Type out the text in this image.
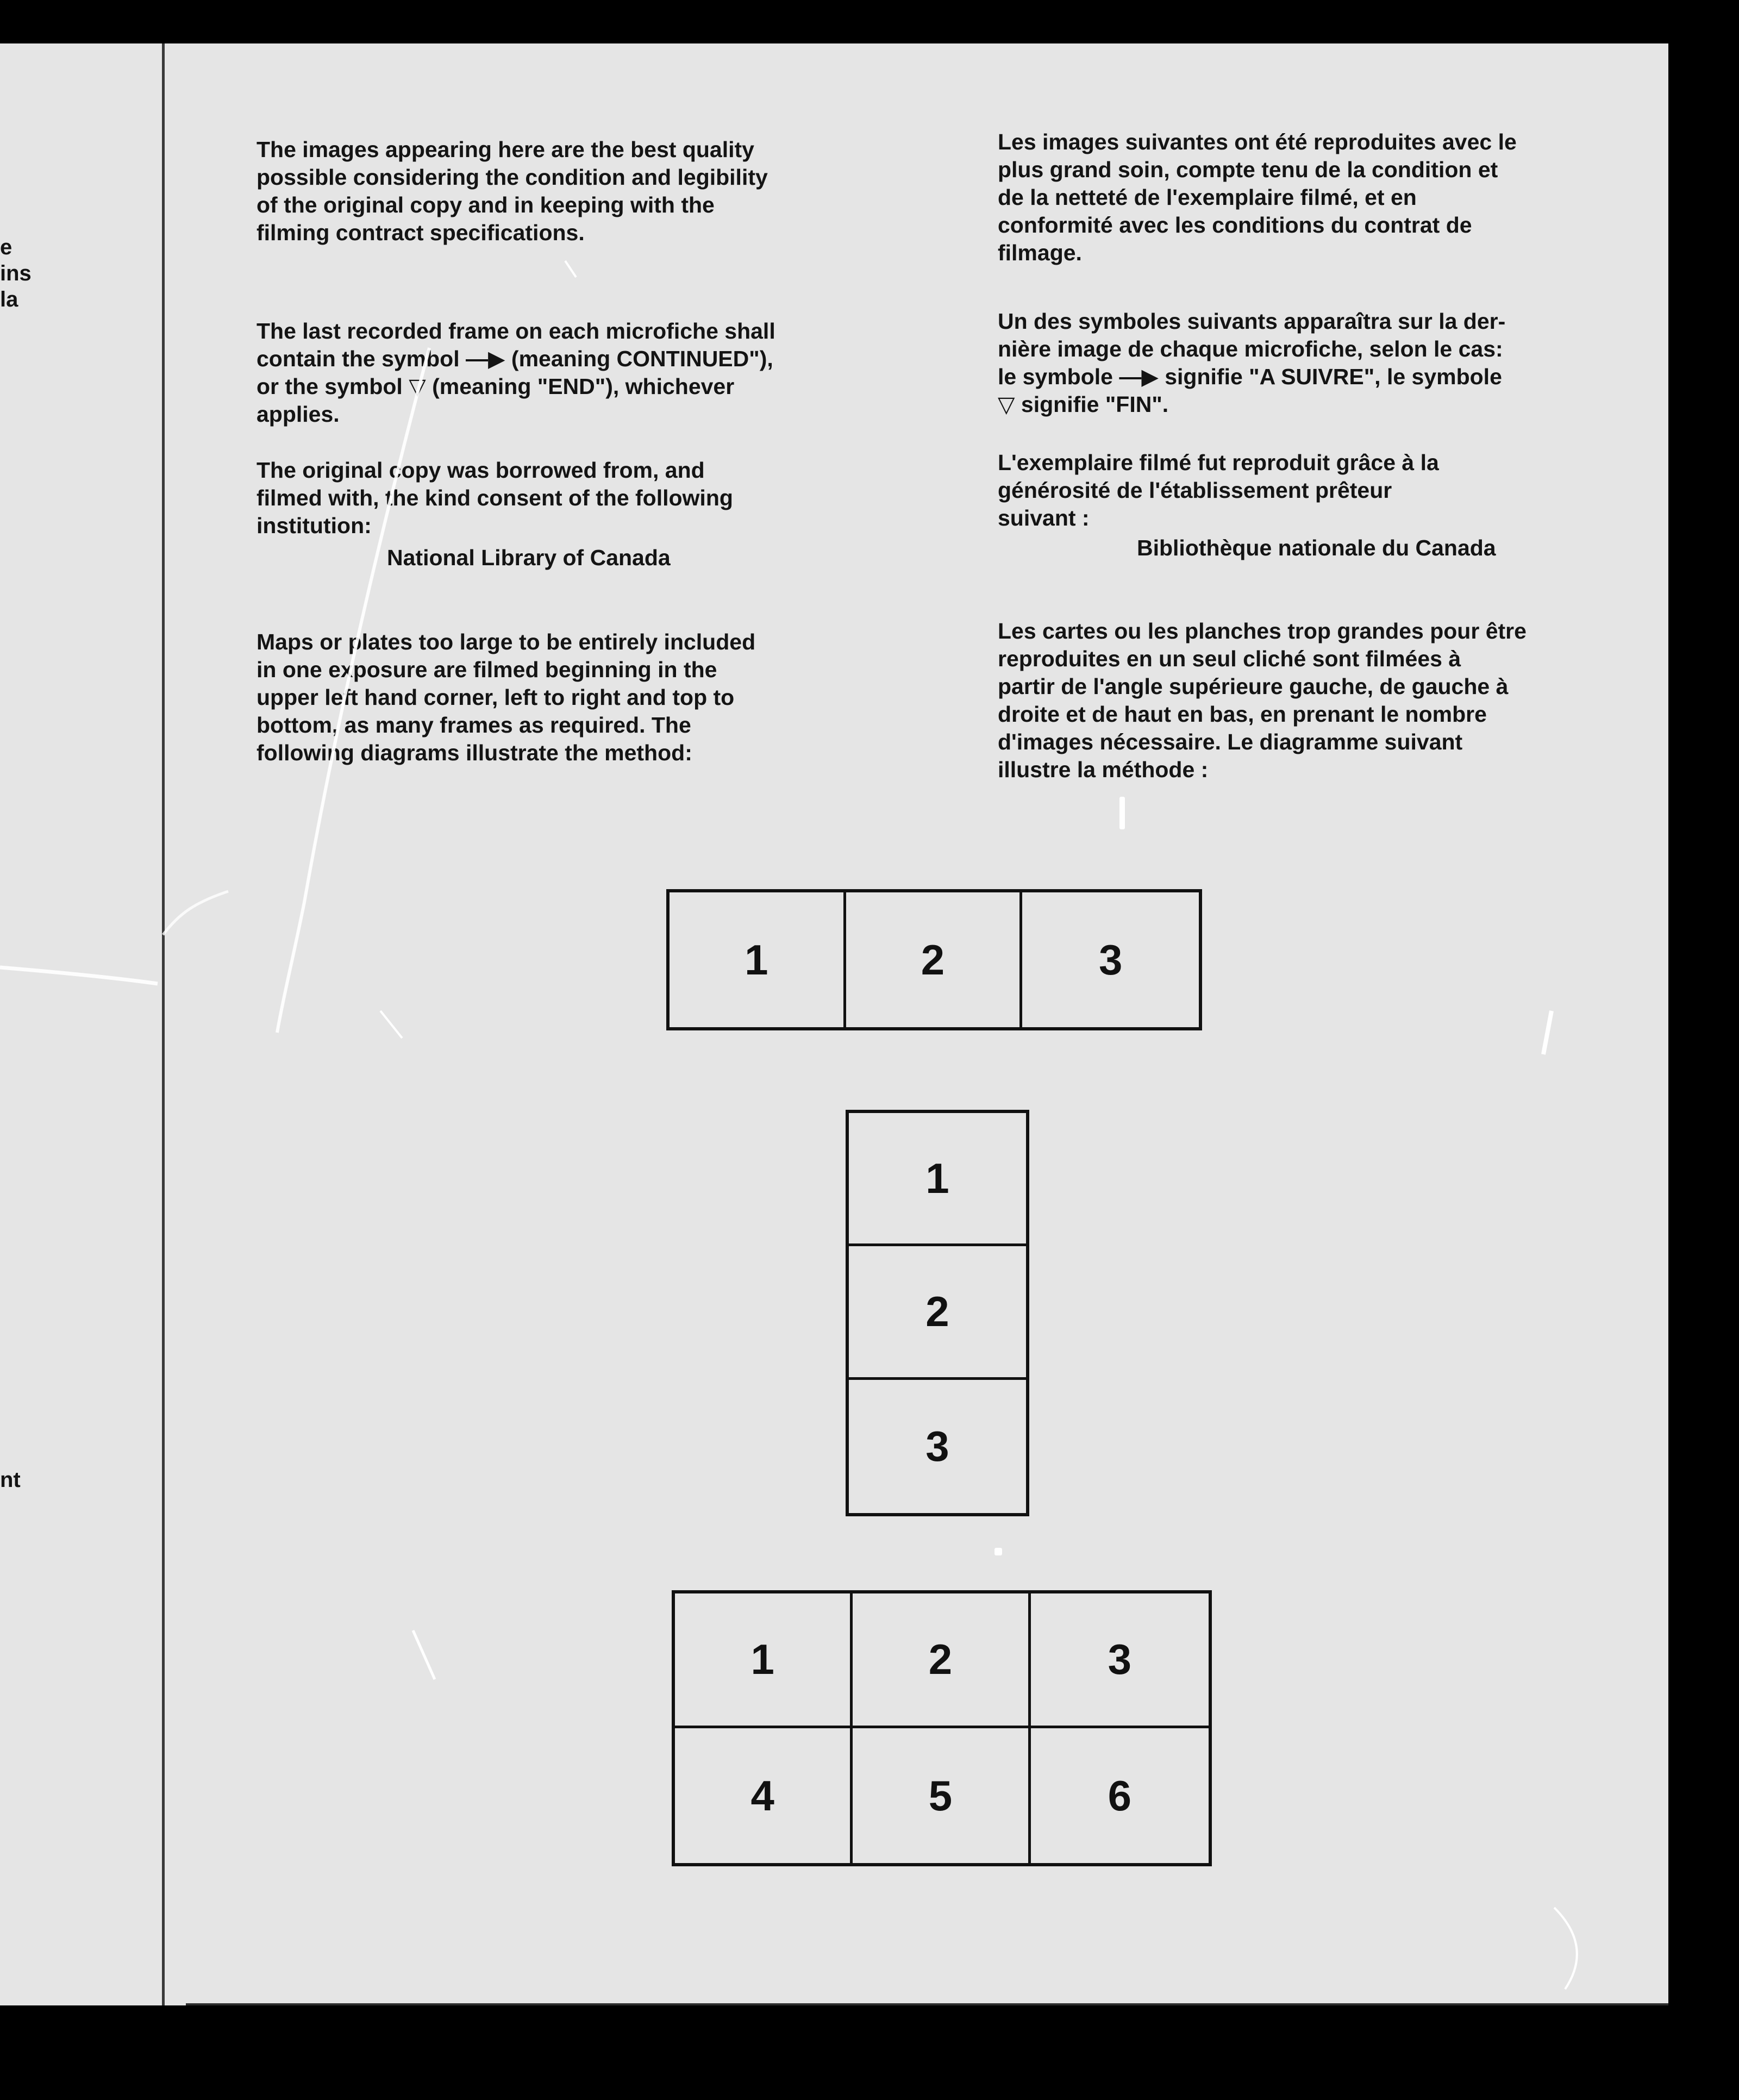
e
ins
la
nt

The images appearing here are the best quality
possible considering the condition and legibility
of the original copy and in keeping with the
filming contract specifications.

The last recorded frame on each microfiche shall
contain the symbol —▶ (meaning CONTINUED"),
or the symbol ▽ (meaning "END"), whichever
applies.

The original copy was borrowed from, and
filmed with, the kind consent of the following
institution:

National Library of Canada

Maps or plates too large to be entirely included
in one exposure are filmed beginning in the
upper left hand corner, left to right and top to
bottom, as many frames as required. The
following diagrams illustrate the method:

Les images suivantes ont été reproduites avec le
plus grand soin, compte tenu de la condition et
de la netteté de l'exemplaire filmé, et en
conformité avec les conditions du contrat de
filmage.

Un des symboles suivants apparaîtra sur la der-
nière image de chaque microfiche, selon le cas:
le symbole —▶ signifie "A SUIVRE", le symbole
▽ signifie "FIN".

L'exemplaire filmé fut reproduit grâce à la
générosité de l'établissement prêteur
suivant :

Bibliothèque nationale du Canada

Les cartes ou les planches trop grandes pour être
reproduites en un seul cliché sont filmées à
partir de l'angle supérieure gauche, de gauche à
droite et de haut en bas, en prenant le nombre
d'images nécessaire. Le diagramme suivant
illustre la méthode :

1	2	3
1
2
3
1	2	3
4	5	6
